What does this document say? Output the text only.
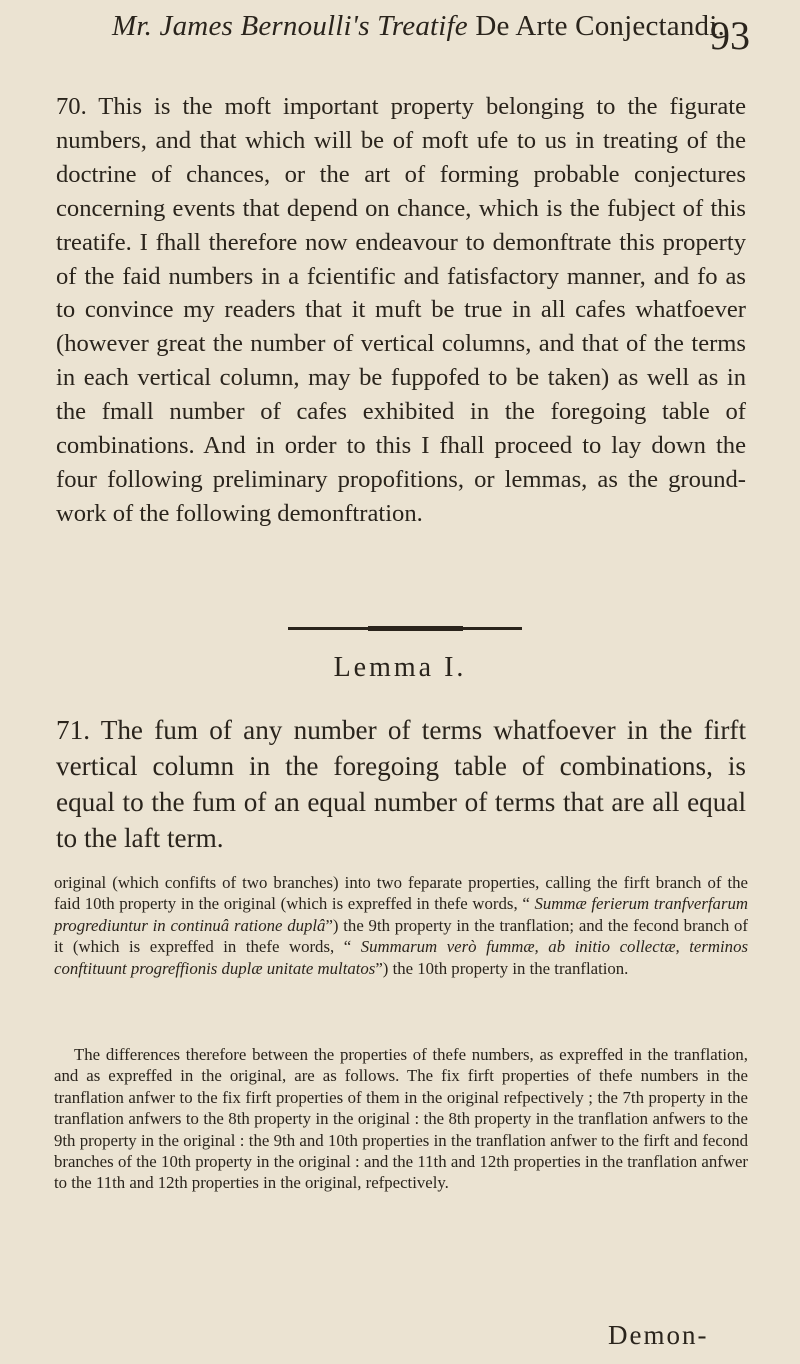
Mr. James Bernoulli's Treatife De Arte Conjectandi.
93

70. This is the moft important property belonging to the figurate numbers, and that which will be of moft ufe to us in treating of the doctrine of chances, or the art of forming probable conjectures concerning events that depend on chance, which is the fubject of this treatife. I fhall therefore now endeavour to demonftrate this property of the faid numbers in a fcientific and fatisfactory manner, and fo as to convince my readers that it muft be true in all cafes whatfoever (however great the number of vertical columns, and that of the terms in each vertical column, may be fuppofed to be taken) as well as in the fmall number of cafes exhibited in the foregoing table of combinations. And in order to this I fhall proceed to lay down the four following preliminary propofitions, or lemmas, as the ground-work of the following demonftration.

Lemma I.

71. The fum of any number of terms whatfoever in the firft vertical column in the foregoing table of combinations, is equal to the fum of an equal number of terms that are all equal to the laft term.

original (which confifts of two branches) into two feparate properties, calling the firft branch of the faid 10th property in the original (which is expreffed in thefe words, “ Summæ ferierum tranfverfarum progrediuntur in continuâ ratione duplâ”) the 9th property in the tranflation; and the fecond branch of it (which is expreffed in thefe words, “ Summarum verò fummæ, ab initio collectæ, terminos conftituunt progreffionis duplæ unitate multatos”) the 10th property in the tranflation.

The differences therefore between the properties of thefe numbers, as expreffed in the tranflation, and as expreffed in the original, are as follows. The fix firft properties of thefe numbers in the tranflation anfwer to the fix firft properties of them in the original refpectively ; the 7th property in the tranflation anfwers to the 8th property in the original : the 8th property in the tranflation anfwers to the 9th property in the original : the 9th and 10th properties in the tranflation anfwer to the firft and fecond branches of the 10th property in the original : and the 11th and 12th properties in the tranflation anfwer to the 11th and 12th properties in the original, refpectively.

Demon-
